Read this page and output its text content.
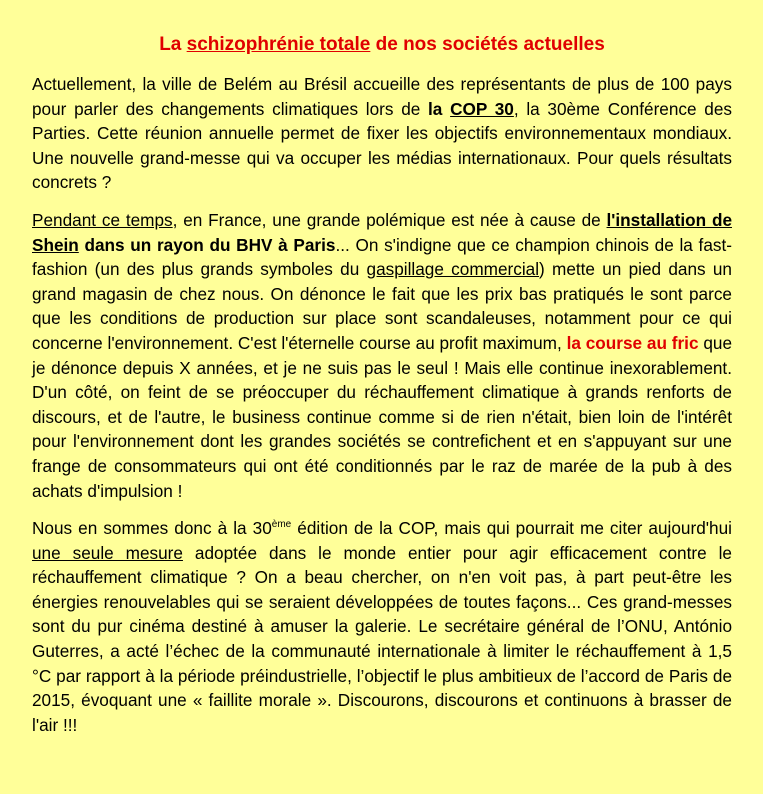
La schizophrénie totale de nos sociétés actuelles

Actuellement, la ville de Belém au Brésil accueille des représentants de plus de 100 pays pour parler des changements climatiques lors de la COP 30, la 30ème Conférence des Parties. Cette réunion annuelle permet de fixer les objectifs environnementaux mondiaux. Une nouvelle grand-messe qui va occuper les médias internationaux. Pour quels résultats concrets ?

Pendant ce temps, en France, une grande polémique est née à cause de l'installation de Shein dans un rayon du BHV à Paris... On s'indigne que ce champion chinois de la fast-fashion (un des plus grands symboles du gaspillage commercial) mette un pied dans un grand magasin de chez nous. On dénonce le fait que les prix bas pratiqués le sont parce que les conditions de production sur place sont scandaleuses, notamment pour ce qui concerne l'environnement. C'est l'éternelle course au profit maximum, la course au fric que je dénonce depuis X années, et je ne suis pas le seul ! Mais elle continue inexorablement. D'un côté, on feint de se préoccuper du réchauffement climatique à grands renforts de discours, et de l'autre, le business continue comme si de rien n'était, bien loin de l'intérêt pour l'environnement dont les grandes sociétés se contrefichent et en s'appuyant sur une frange de consommateurs qui ont été conditionnés par le raz de marée de la pub à des achats d'impulsion !

Nous en sommes donc à la 30ème édition de la COP, mais qui pourrait me citer aujourd'hui une seule mesure adoptée dans le monde entier pour agir efficacement contre le réchauffement climatique ? On a beau chercher, on n'en voit pas, à part peut-être les énergies renouvelables qui se seraient développées de toutes façons... Ces grand-messes sont du pur cinéma destiné à amuser la galerie. Le secrétaire général de l’ONU, António Guterres, a acté l’échec de la communauté internationale à limiter le réchauffement à 1,5 °C par rapport à la période préindustrielle, l’objectif le plus ambitieux de l’accord de Paris de 2015, évoquant une « faillite morale ». Discourons, discourons et continuons à brasser de l'air !!!
